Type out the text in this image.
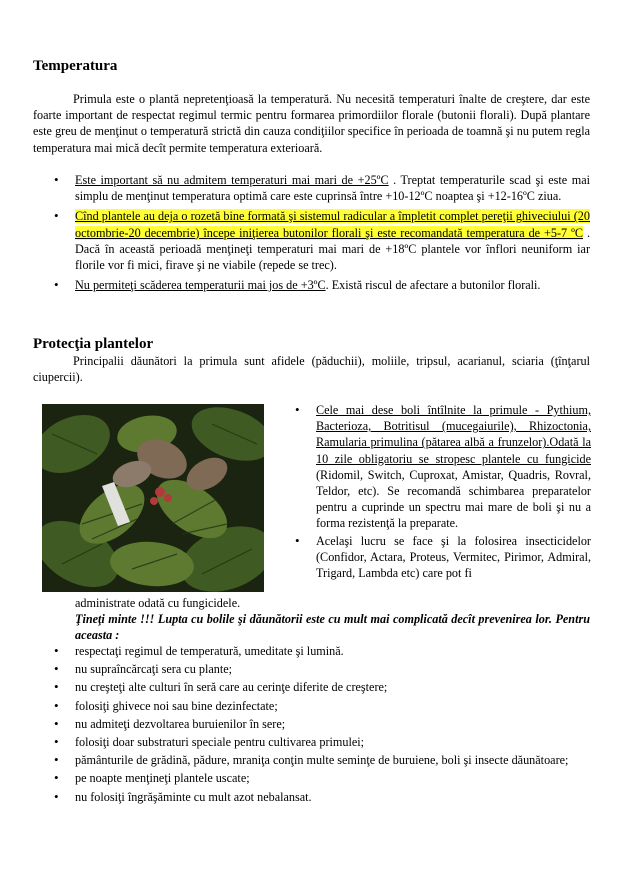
Temperatura

Primula este o plantă nepretenţioasă la temperatură. Nu necesită temperaturi înalte de creştere, dar este foarte important de respectat regimul termic pentru formarea primordiilor florale (butonii florali). După plantare este greu de menţinut o temperatură strictă din cauza condiţiilor specifice în perioada de toamnă şi nu putem regla temperatura mai mică decît permite temperatura exterioară.

• Este important să nu admitem temperaturi mai mari de +25ºC . Treptat temperaturile scad şi este mai simplu de menţinut temperatura optimă care este cuprinsă între +10-12ºC noaptea şi +12-16ºC ziua.
• Cînd plantele au deja o rozetă bine formată şi sistemul radicular a împletit complet pereţii ghiveciului (20 octombrie-20 decembrie) începe iniţierea butonilor florali şi este recomandată temperatura de +5-7 ºC . Dacă în această perioadă menţineţi temperaturi mai mari de +18ºC plantele vor înflori neuniform iar florile vor fi mici, firave şi ne viabile (repede se trec).
• Nu permiteţi scăderea temperaturii mai jos de +3ºC. Există riscul de afectare a butonilor florali.
Protecţia plantelor

Principalii dăunători la primula sunt afidele (păduchii), moliile, tripsul, acarianul, sciaria (ţînţarul ciupercii).

• Cele mai dese boli întîlnite la primule - Pythium, Bacterioza, Botritisul (mucegaiurile), Rhizoctonia, Ramularia primulina (pătarea albă a frunzelor).Odată la 10 zile obligatoriu se stropesc plantele cu fungicide (Ridomil, Switch, Cuproxat, Amistar, Quadris, Rovral, Teldor, etc). Se recomandă schimbarea preparatelor pentru a cuprinde un spectru mai mare de boli şi nu a forma rezistenţă la preparate.
• Acelaşi lucru se face şi la folosirea insecticidelor (Confidor, Actara, Proteus, Vermitec, Pirimor, Admiral, Trigard, Lambda etc) care pot fi

administrate odată cu fungicidele.

Ţineţi minte !!! Lupta cu bolile şi dăunătorii este cu mult mai complicată decît prevenirea lor. Pentru aceasta :

• respectaţi regimul de temperatură, umeditate şi lumină.
• nu supraîncărcaţi sera cu plante;
• nu creşteţi alte culturi în seră care au cerinţe diferite de creştere;
• folosiţi ghivece noi sau bine dezinfectate;
• nu admiteţi dezvoltarea buruienilor în sere;
• folosiţi doar substraturi speciale pentru cultivarea primulei;
• pământurile de grădină, pădure, mraniţa conţin multe seminţe de buruiene, boli şi insecte dăunătoare;
• pe noapte menţineţi plantele uscate;
• nu folosiţi îngrăşăminte cu mult azot nebalansat.
